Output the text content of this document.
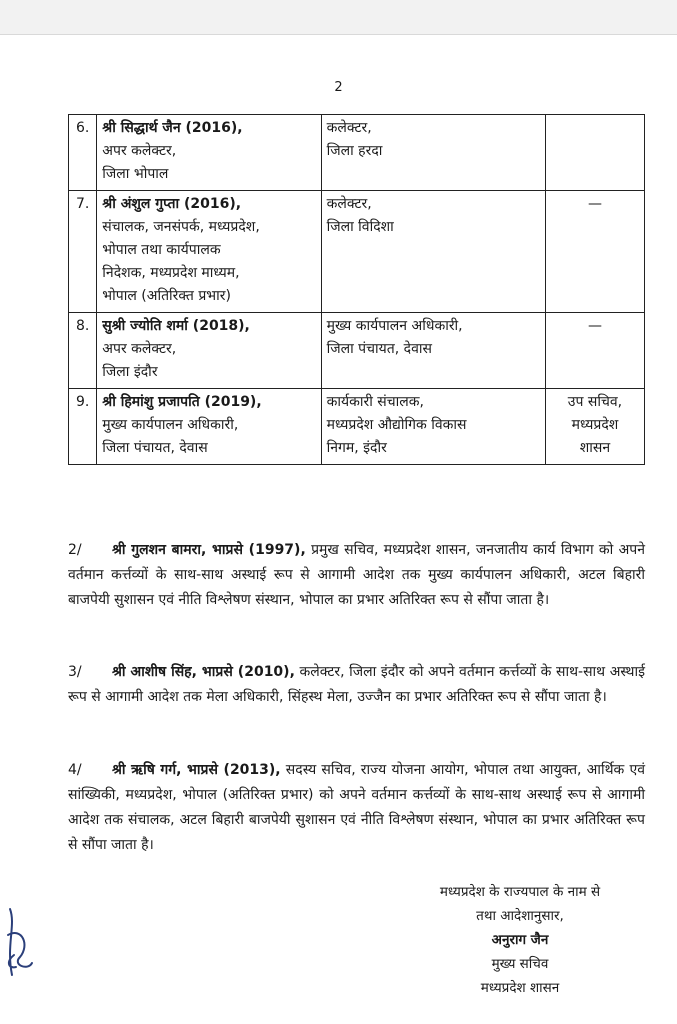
2
6.	श्री सिद्धार्थ जैन (2016),
अपर कलेक्टर,
जिला भोपाल	कलेक्टर,
जिला हरदा	

7.	श्री अंशुल गुप्ता (2016),
संचालक, जनसंपर्क, मध्यप्रदेश,
भोपाल तथा कार्यपालक
निदेशक, मध्यप्रदेश माध्यम,
भोपाल (अतिरिक्त प्रभार)	कलेक्टर,
जिला विदिशा	—

8.	सुश्री ज्योति शर्मा (2018),
अपर कलेक्टर,
जिला इंदौर	मुख्य कार्यपालन अधिकारी,
जिला पंचायत, देवास	—

9.	श्री हिमांशु प्रजापति (2019),
मुख्य कार्यपालन अधिकारी,
जिला पंचायत, देवास	कार्यकारी संचालक,
मध्यप्रदेश औद्योगिक विकास
निगम, इंदौर	उप सचिव,
मध्यप्रदेश
शासन
2/ श्री गुलशन बामरा, भाप्रसे (1997), प्रमुख सचिव, मध्यप्रदेश शासन, जनजातीय कार्य विभाग को अपने वर्तमान कर्त्तव्यों के साथ-साथ अस्थाई रूप से आगामी आदेश तक मुख्य कार्यपालन अधिकारी, अटल बिहारी बाजपेयी सुशासन एवं नीति विश्लेषण संस्थान, भोपाल का प्रभार अतिरिक्त रूप से सौंपा जाता है।
3/ श्री आशीष सिंह, भाप्रसे (2010), कलेक्टर, जिला इंदौर को अपने वर्तमान कर्त्तव्यों के साथ-साथ अस्थाई रूप से आगामी आदेश तक मेला अधिकारी, सिंहस्थ मेला, उज्जैन का प्रभार अतिरिक्त रूप से सौंपा जाता है।
4/ श्री ऋषि गर्ग, भाप्रसे (2013), सदस्य सचिव, राज्य योजना आयोग, भोपाल तथा आयुक्त, आर्थिक एवं सांख्यिकी, मध्यप्रदेश, भोपाल (अतिरिक्त प्रभार) को अपने वर्तमान कर्त्तव्यों के साथ-साथ अस्थाई रूप से आगामी आदेश तक संचालक, अटल बिहारी बाजपेयी सुशासन एवं नीति विश्लेषण संस्थान, भोपाल का प्रभार अतिरिक्त रूप से सौंपा जाता है।
मध्यप्रदेश के राज्यपाल के नाम से
तथा आदेशानुसार,
अनुराग जैन
मुख्य सचिव
मध्यप्रदेश शासन
